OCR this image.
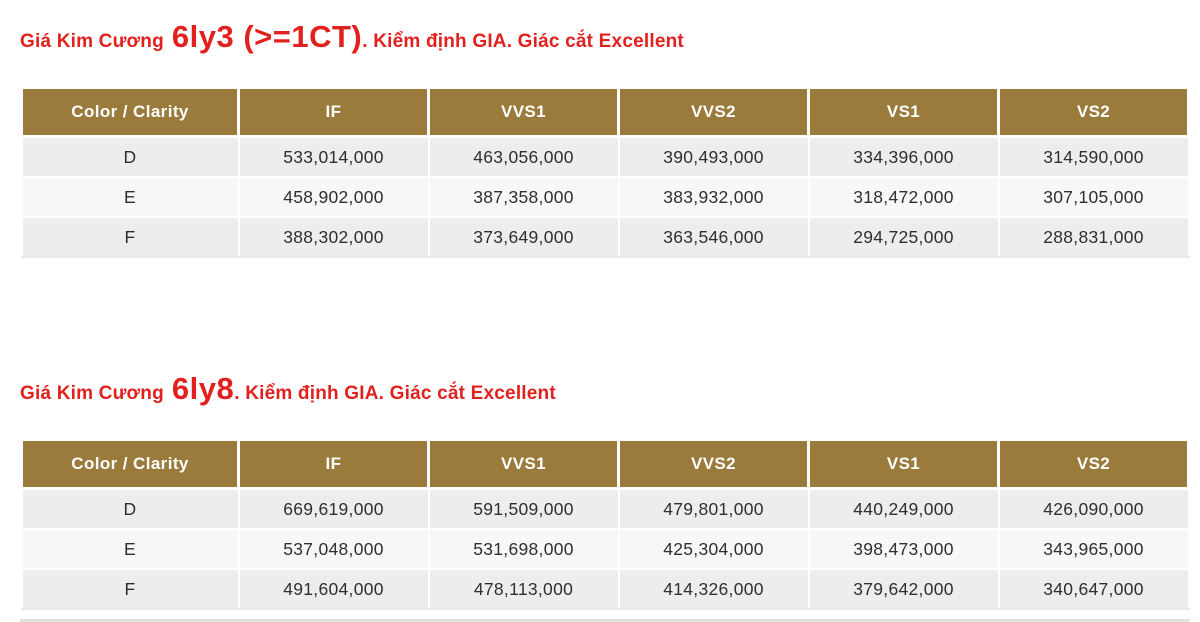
Giá Kim Cương 6ly3 (>=1CT). Kiểm định GIA. Giác cắt Excellent
Color / Clarity	IF	VVS1	VVS2	VS1	VS2
D	533,014,000	463,056,000	390,493,000	334,396,000	314,590,000
E	458,902,000	387,358,000	383,932,000	318,472,000	307,105,000
F	388,302,000	373,649,000	363,546,000	294,725,000	288,831,000
Giá Kim Cương 6ly8. Kiểm định GIA. Giác cắt Excellent
Color / Clarity	IF	VVS1	VVS2	VS1	VS2
D	669,619,000	591,509,000	479,801,000	440,249,000	426,090,000
E	537,048,000	531,698,000	425,304,000	398,473,000	343,965,000
F	491,604,000	478,113,000	414,326,000	379,642,000	340,647,000
